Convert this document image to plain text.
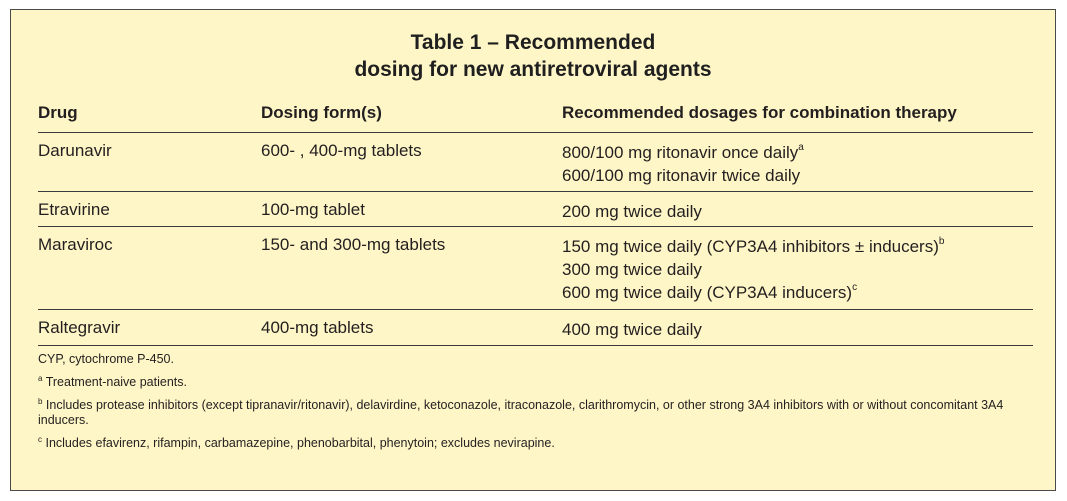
Table 1 – Recommended
dosing for new antiretroviral agents
Drug	Dosing form(s)	Recommended dosages for combination therapy
Darunavir	600- , 400-mg tablets	800/100 mg ritonavir once daily$^a$
600/100 mg ritonavir twice daily
Etravirine	100-mg tablet	200 mg twice daily
Maraviroc	150- and 300-mg tablets	150 mg twice daily (CYP3A4 inhibitors ± inducers)$^b$
300 mg twice daily
600 mg twice daily (CYP3A4 inducers)$^c$
Raltegravir	400-mg tablets	400 mg twice daily
CYP, cytochrome P-450.
$^a$ Treatment-naive patients.
$^b$ Includes protease inhibitors (except tipranavir/ritonavir), delavirdine, ketoconazole, itraconazole, clarithromycin, or other strong 3A4 inhibitors with or without concomitant 3A4 inducers.
$^c$ Includes efavirenz, rifampin, carbamazepine, phenobarbital, phenytoin; excludes nevirapine.
